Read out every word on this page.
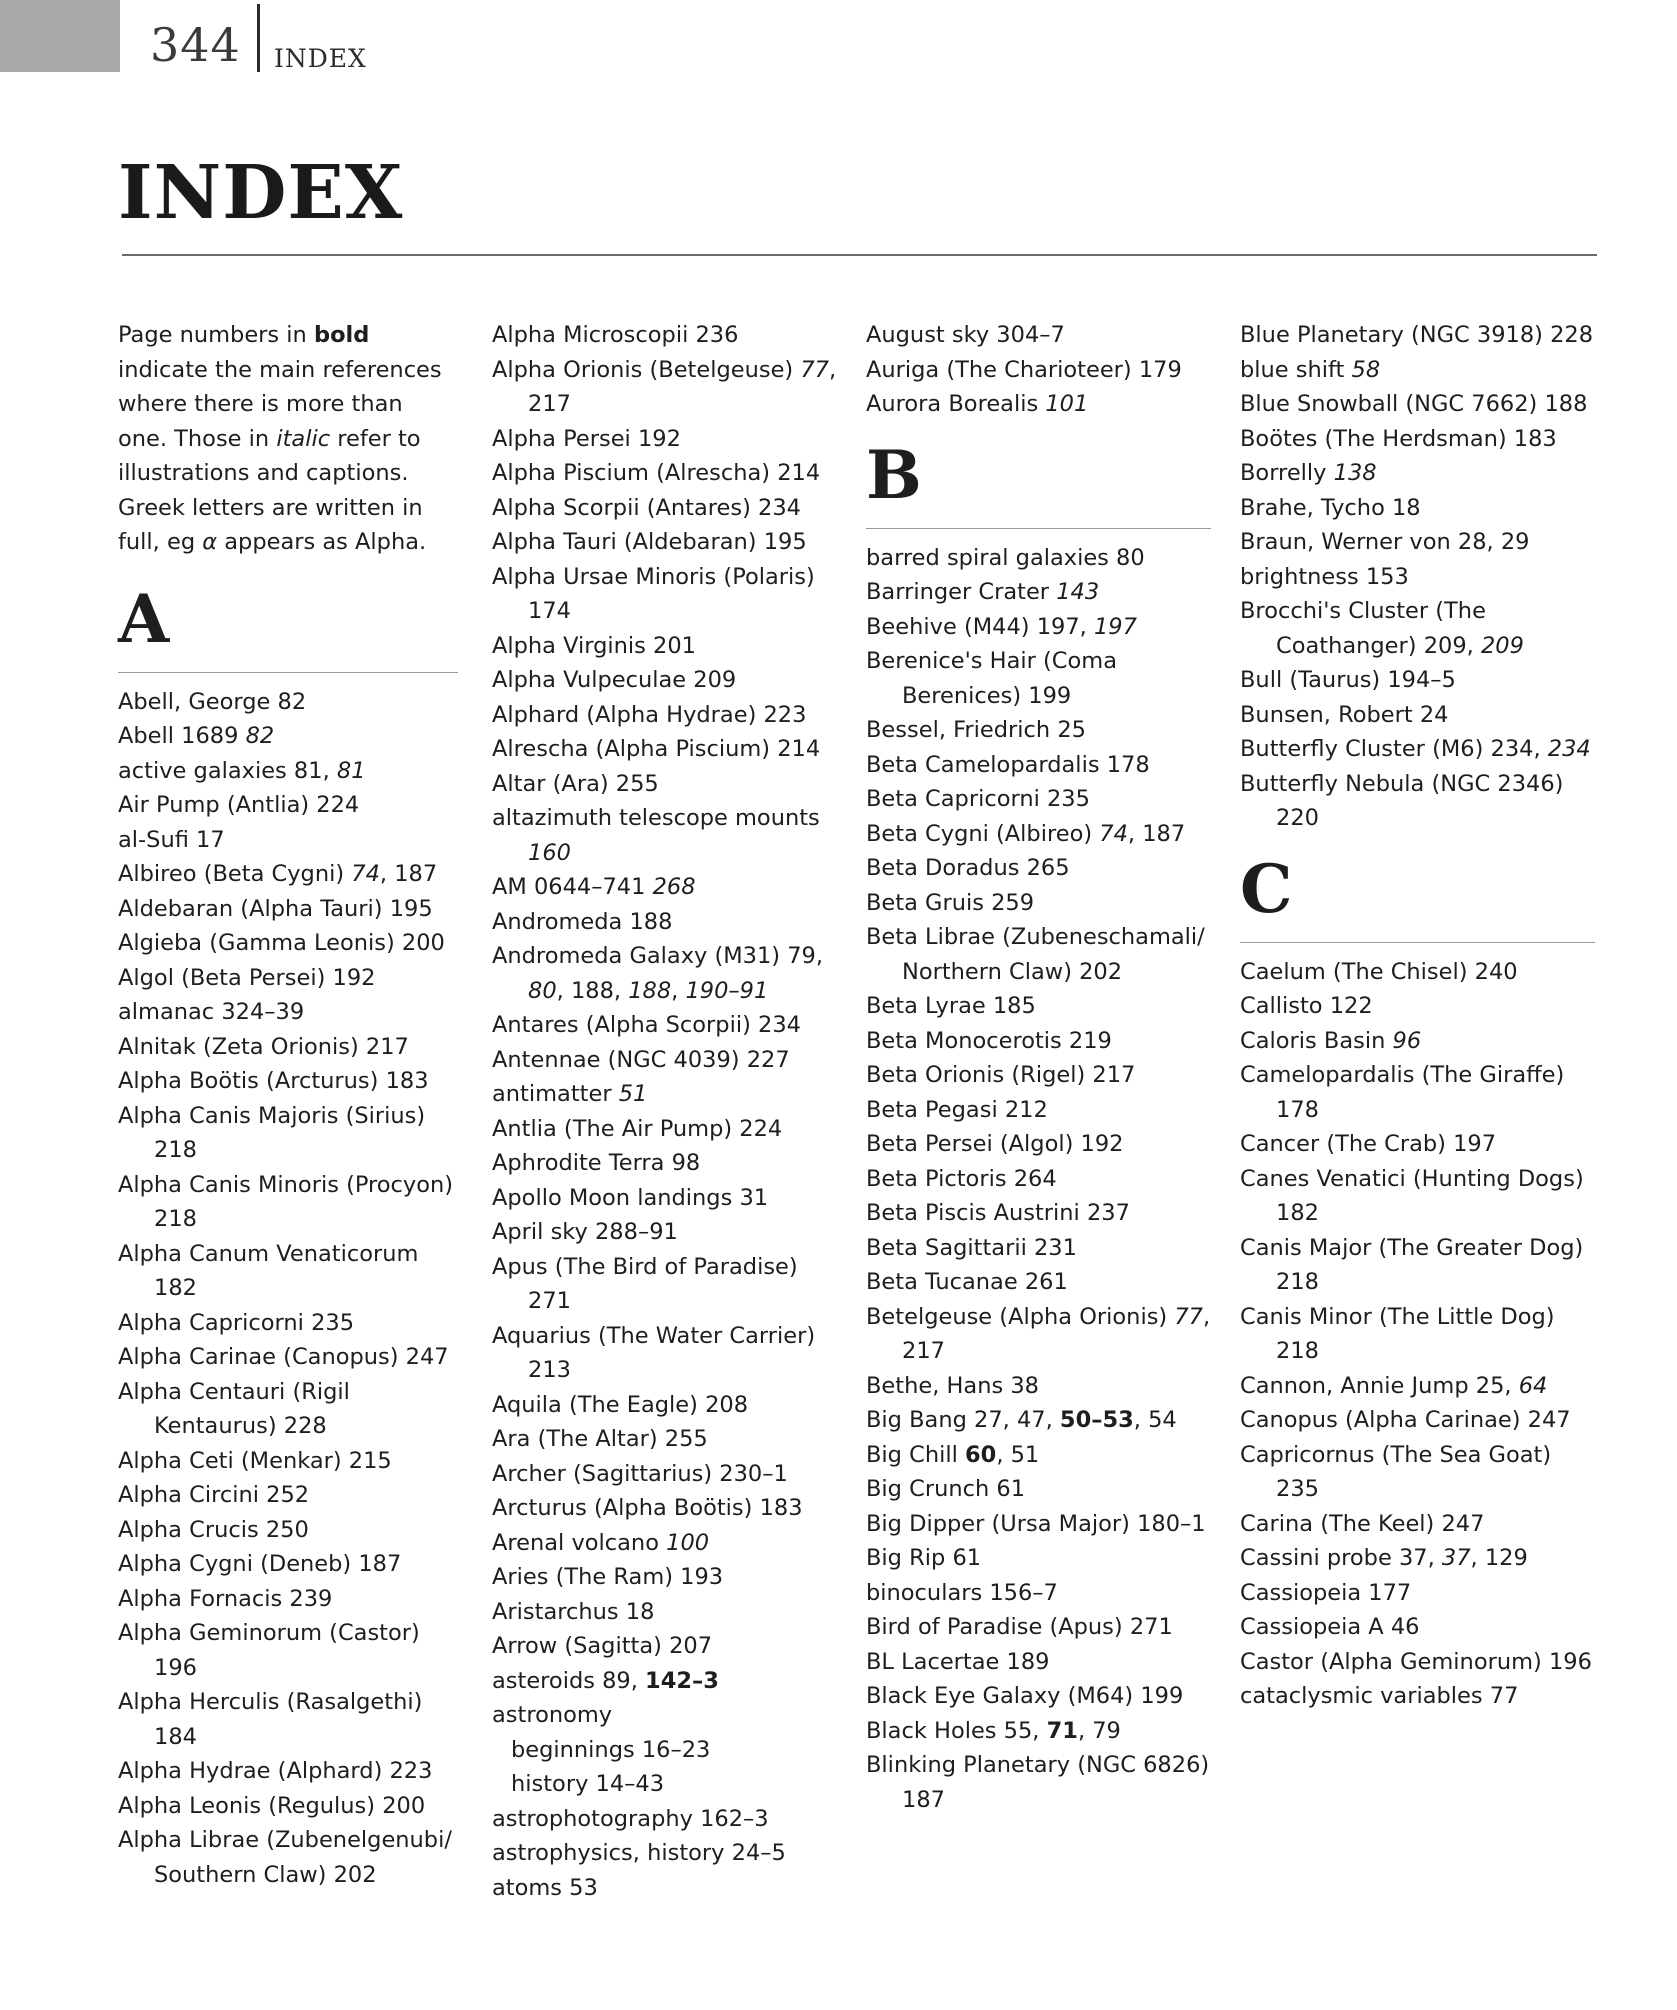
344 INDEX
INDEX
Page numbers in bold indicate the main references where there is more than one. Those in italic refer to illustrations and captions. Greek letters are written in full, eg α appears as Alpha.
A
Abell, George 82
Abell 1689 82
active galaxies 81, 81
Air Pump (Antlia) 224
al-Sufi 17
Albireo (Beta Cygni) 74, 187
Aldebaran (Alpha Tauri) 195
Algieba (Gamma Leonis) 200
Algol (Beta Persei) 192
almanac 324–39
Alnitak (Zeta Orionis) 217
Alpha Boötis (Arcturus) 183
Alpha Canis Majoris (Sirius) 218
Alpha Canis Minoris (Procyon) 218
Alpha Canum Venaticorum 182
Alpha Capricorni 235
Alpha Carinae (Canopus) 247
Alpha Centauri (Rigil Kentaurus) 228
Alpha Ceti (Menkar) 215
Alpha Circini 252
Alpha Crucis 250
Alpha Cygni (Deneb) 187
Alpha Fornacis 239
Alpha Geminorum (Castor) 196
Alpha Herculis (Rasalgethi) 184
Alpha Hydrae (Alphard) 223
Alpha Leonis (Regulus) 200
Alpha Librae (Zubenelgenubi/ Southern Claw) 202
Alpha Microscopii 236
Alpha Orionis (Betelgeuse) 77, 217
Alpha Persei 192
Alpha Piscium (Alrescha) 214
Alpha Scorpii (Antares) 234
Alpha Tauri (Aldebaran) 195
Alpha Ursae Minoris (Polaris) 174
Alpha Virginis 201
Alpha Vulpeculae 209
Alphard (Alpha Hydrae) 223
Alrescha (Alpha Piscium) 214
Altar (Ara) 255
altazimuth telescope mounts 160
AM 0644–741 268
Andromeda 188
Andromeda Galaxy (M31) 79, 80, 188, 188, 190–91
Antares (Alpha Scorpii) 234
Antennae (NGC 4039) 227
antimatter 51
Antlia (The Air Pump) 224
Aphrodite Terra 98
Apollo Moon landings 31
April sky 288–91
Apus (The Bird of Paradise) 271
Aquarius (The Water Carrier) 213
Aquila (The Eagle) 208
Ara (The Altar) 255
Archer (Sagittarius) 230–1
Arcturus (Alpha Boötis) 183
Arenal volcano 100
Aries (The Ram) 193
Aristarchus 18
Arrow (Sagitta) 207
asteroids 89, 142–3
astronomy
beginnings 16–23
history 14–43
astrophotography 162–3
astrophysics, history 24–5
atoms 53
August sky 304–7
Auriga (The Charioteer) 179
Aurora Borealis 101
B
barred spiral galaxies 80
Barringer Crater 143
Beehive (M44) 197, 197
Berenice's Hair (Coma Berenices) 199
Bessel, Friedrich 25
Beta Camelopardalis 178
Beta Capricorni 235
Beta Cygni (Albireo) 74, 187
Beta Doradus 265
Beta Gruis 259
Beta Librae (Zubeneschamali/ Northern Claw) 202
Beta Lyrae 185
Beta Monocerotis 219
Beta Orionis (Rigel) 217
Beta Pegasi 212
Beta Persei (Algol) 192
Beta Pictoris 264
Beta Piscis Austrini 237
Beta Sagittarii 231
Beta Tucanae 261
Betelgeuse (Alpha Orionis) 77, 217
Bethe, Hans 38
Big Bang 27, 47, 50–53, 54
Big Chill 60, 51
Big Crunch 61
Big Dipper (Ursa Major) 180–1
Big Rip 61
binoculars 156–7
Bird of Paradise (Apus) 271
BL Lacertae 189
Black Eye Galaxy (M64) 199
Black Holes 55, 71, 79
Blinking Planetary (NGC 6826) 187
Blue Planetary (NGC 3918) 228
blue shift 58
Blue Snowball (NGC 7662) 188
Boötes (The Herdsman) 183
Borrelly 138
Brahe, Tycho 18
Braun, Werner von 28, 29
brightness 153
Brocchi's Cluster (The Coathanger) 209, 209
Bull (Taurus) 194–5
Bunsen, Robert 24
Butterfly Cluster (M6) 234, 234
Butterfly Nebula (NGC 2346) 220
C
Caelum (The Chisel) 240
Callisto 122
Caloris Basin 96
Camelopardalis (The Giraffe) 178
Cancer (The Crab) 197
Canes Venatici (Hunting Dogs) 182
Canis Major (The Greater Dog) 218
Canis Minor (The Little Dog) 218
Cannon, Annie Jump 25, 64
Canopus (Alpha Carinae) 247
Capricornus (The Sea Goat) 235
Carina (The Keel) 247
Cassini probe 37, 37, 129
Cassiopeia 177
Cassiopeia A 46
Castor (Alpha Geminorum) 196
cataclysmic variables 77
